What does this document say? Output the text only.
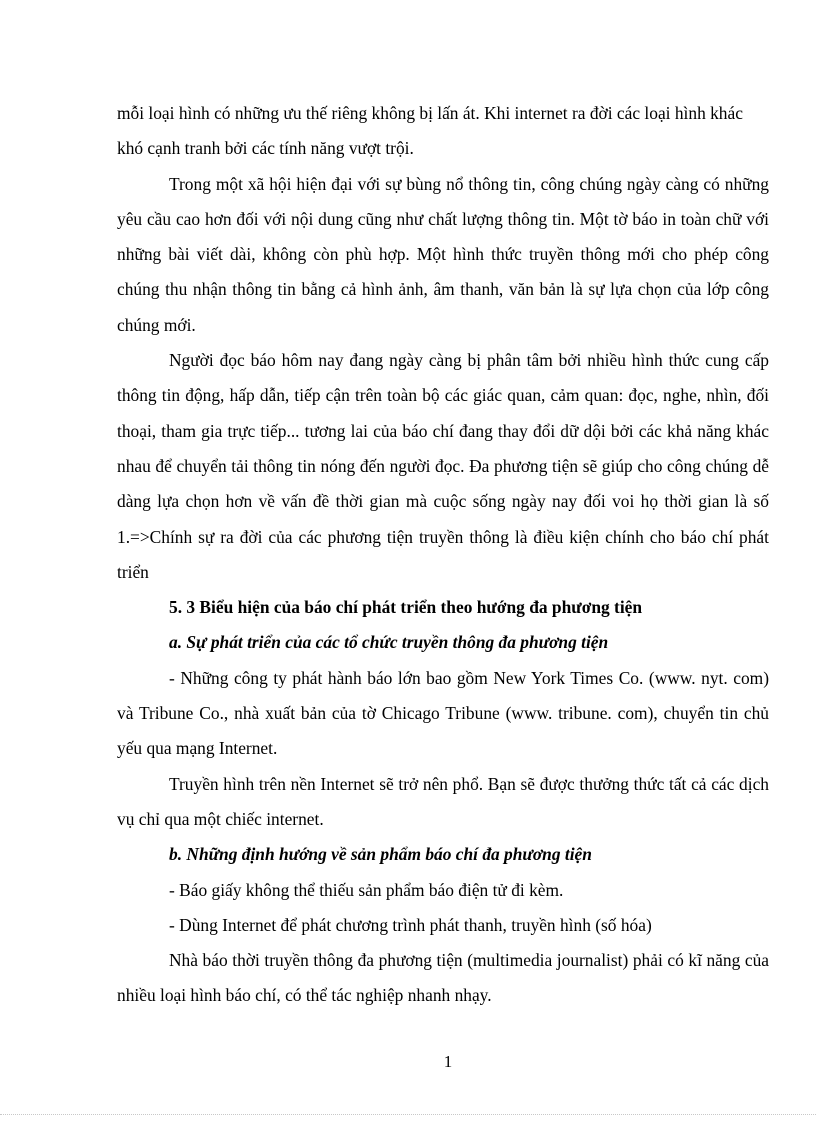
mỗi loại hình có những ưu thế riêng không bị lấn át. Khi internet ra đời các loại hình khác khó cạnh tranh bởi các tính năng vượt trội.

Trong một xã hội hiện đại với sự bùng nổ thông tin, công chúng ngày càng có những yêu cầu cao hơn đối với nội dung cũng như chất lượng thông tin. Một tờ báo in toàn chữ với những bài viết dài, không còn phù hợp. Một hình thức truyền thông mới cho phép công chúng thu nhận thông tin bằng cả hình ảnh, âm thanh, văn bản là sự lựa chọn của lớp công chúng mới.

Người đọc báo hôm nay đang ngày càng bị phân tâm bởi nhiều hình thức cung cấp thông tin động, hấp dẫn, tiếp cận trên toàn bộ các giác quan, cảm quan: đọc, nghe, nhìn, đối thoại, tham gia trực tiếp... tương lai của báo chí đang thay đổi dữ dội bởi các khả năng khác nhau để chuyển tải thông tin nóng đến người đọc. Đa phương tiện sẽ giúp cho công chúng dễ dàng lựa chọn hơn về vấn đề thời gian mà cuộc sống ngày nay đối voi họ thời gian là số 1.=>Chính sự ra đời của các phương tiện truyền thông là điều kiện chính cho báo chí phát triển

5. 3 Biểu hiện của báo chí phát triển theo hướng đa phương tiện

a. Sự phát triển của các tổ chức truyền thông đa phương tiện

- Những công ty phát hành báo lớn bao gồm New York Times Co. (www. nyt. com) và Tribune Co., nhà xuất bản của tờ Chicago Tribune (www. tribune. com), chuyển tin chủ yếu qua mạng Internet.

Truyền hình trên nền Internet sẽ trở nên phổ. Bạn sẽ được thưởng thức tất cả các dịch vụ chỉ qua một chiếc internet.

b. Những định hướng về sản phẩm báo chí đa phương tiện

- Báo giấy không thể thiếu sản phẩm báo điện tử đi kèm.

- Dùng Internet để phát chương trình phát thanh, truyền hình (số hóa)

Nhà báo thời truyền thông đa phương tiện (multimedia journalist) phải có kĩ năng của nhiều loại hình báo chí, có thể tác nghiệp nhanh nhạy.

1
